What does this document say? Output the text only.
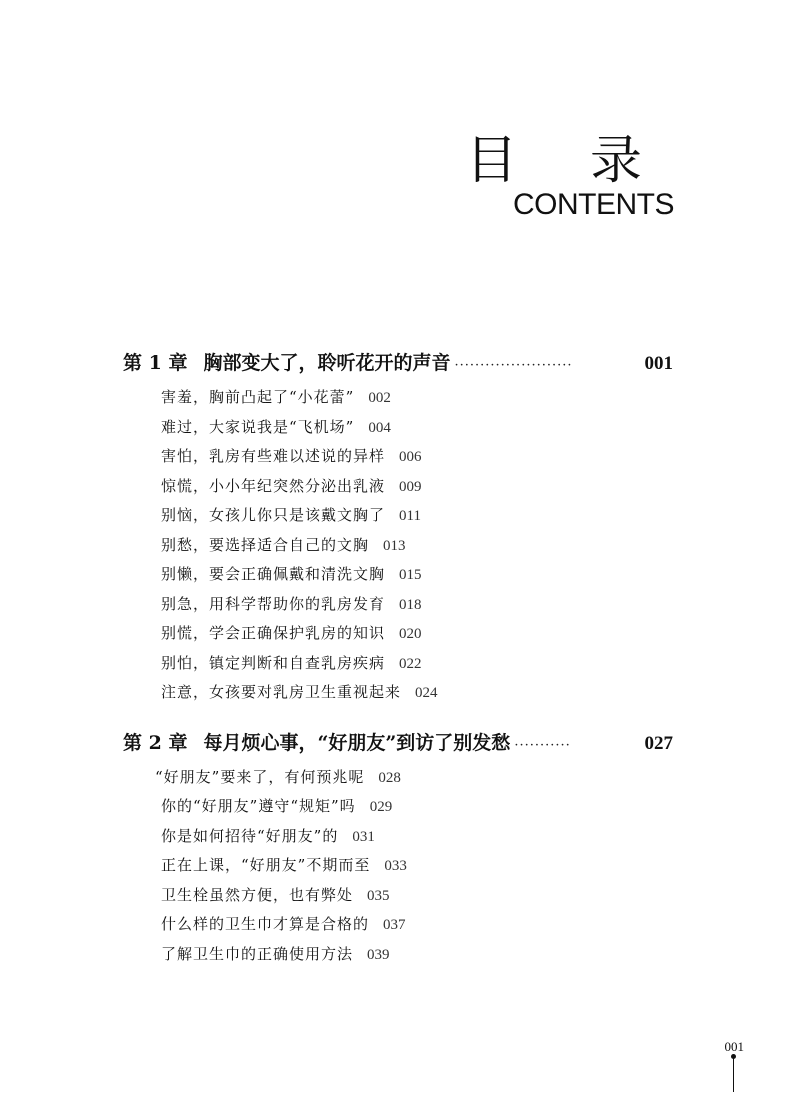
目 录
CONTENTS
第 1 章 胸部变大了，聆听花开的声音 ·······················	001
害羞，胸前凸起了“小花蕾” 002
难过，大家说我是“飞机场” 004
害怕，乳房有些难以述说的异样 006
惊慌，小小年纪突然分泌出乳液 009
别恼，女孩儿你只是该戴文胸了 011
别愁，要选择适合自己的文胸 013
别懒，要会正确佩戴和清洗文胸 015
别急，用科学帮助你的乳房发育 018
别慌，学会正确保护乳房的知识 020
别怕，镇定判断和自查乳房疾病 022
注意，女孩要对乳房卫生重视起来 024
第 2 章 每月烦心事，“好朋友”到访了别发愁 ···········	027
“好朋友”要来了，有何预兆呢 028
你的“好朋友”遵守“规矩”吗 029
你是如何招待“好朋友”的 031
正在上课，“好朋友”不期而至 033
卫生栓虽然方便，也有弊处 035
什么样的卫生巾才算是合格的 037
了解卫生巾的正确使用方法 039
001
